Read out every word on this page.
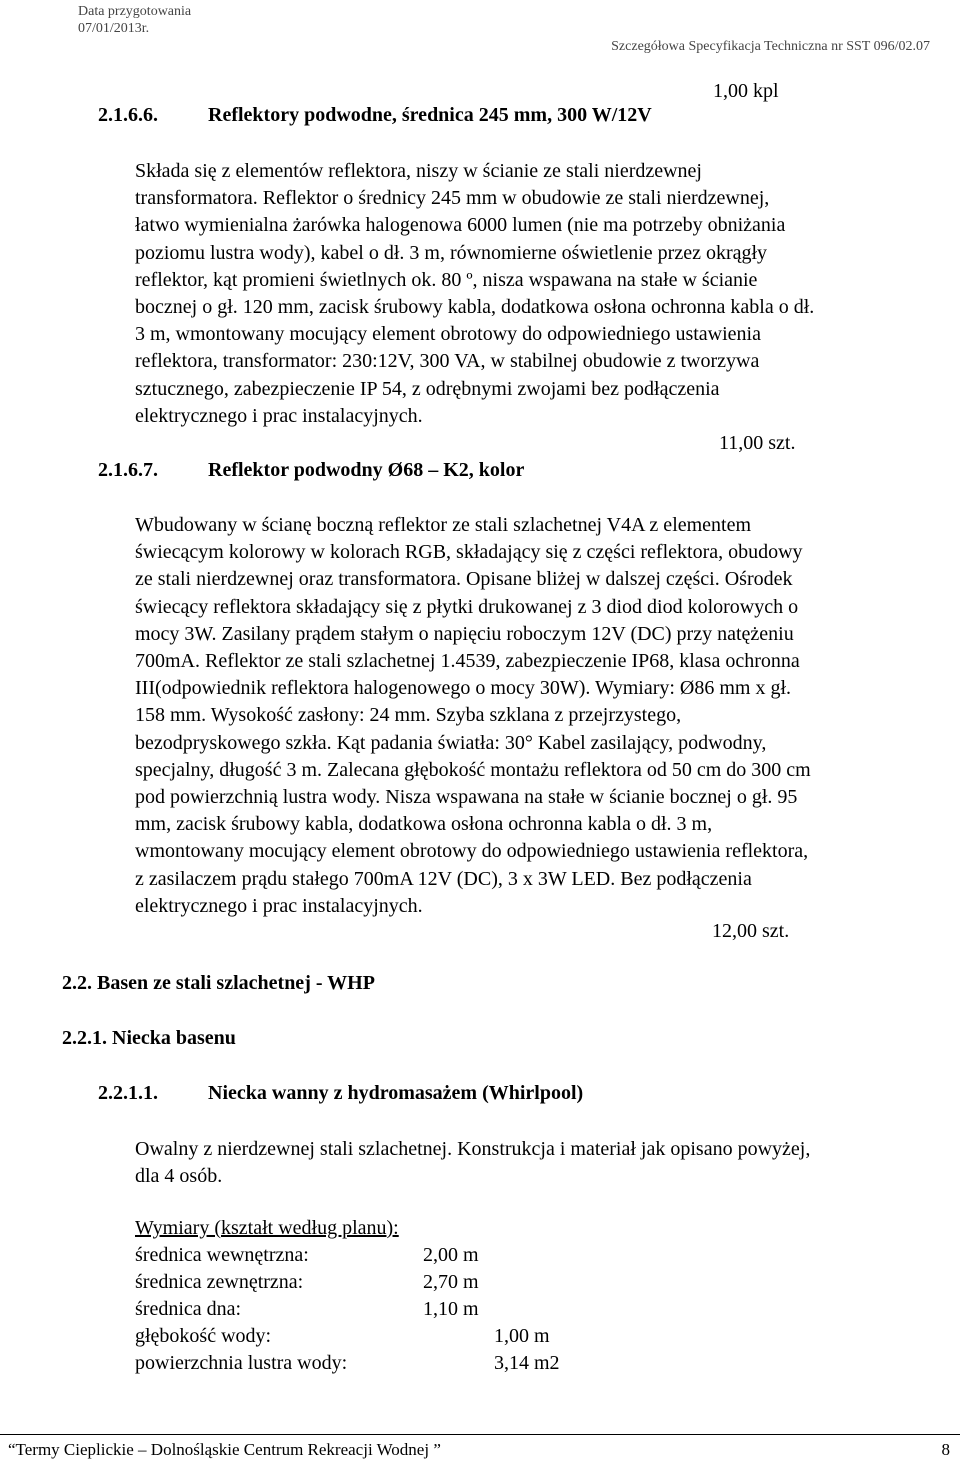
Data przygotowania
07/01/2013r.
Szczegółowa Specyfikacja Techniczna nr SST 096/02.07
1,00 kpl
2.1.6.6.	Reflektory podwodne, średnica 245 mm, 300 W/12V
Składa się z elementów reflektora, niszy w ścianie ze stali nierdzewnej
transformatora. Reflektor o średnicy 245 mm w obudowie ze stali nierdzewnej,
łatwo wymienialna żarówka halogenowa 6000 lumen (nie ma potrzeby obniżania
poziomu lustra wody), kabel o dł. 3 m, równomierne oświetlenie przez okrągły
reflektor, kąt promieni świetlnych ok. 80 º, nisza wspawana na stałe w ścianie
bocznej o gł. 120 mm, zacisk śrubowy kabla, dodatkowa osłona ochronna kabla o dł.
3 m, wmontowany mocujący element obrotowy do odpowiedniego ustawienia
reflektora, transformator: 230:12V, 300 VA, w stabilnej obudowie z tworzywa
sztucznego, zabezpieczenie IP 54, z odrębnymi zwojami bez podłączenia
elektrycznego i prac instalacyjnych.
11,00 szt.
2.1.6.7.	Reflektor podwodny Ø68 – K2, kolor
Wbudowany w ścianę boczną reflektor ze stali szlachetnej V4A z elementem
świecącym kolorowy w kolorach RGB, składający się z części reflektora, obudowy
ze stali nierdzewnej oraz transformatora. Opisane bliżej w dalszej części. Ośrodek
świecący reflektora składający się z płytki drukowanej z 3 diod diod kolorowych o
mocy 3W. Zasilany prądem stałym o napięciu roboczym 12V (DC) przy natężeniu
700mA. Reflektor ze stali szlachetnej 1.4539, zabezpieczenie IP68, klasa ochronna
III(odpowiednik reflektora halogenowego o mocy 30W). Wymiary: Ø86 mm x gł.
158 mm. Wysokość zasłony: 24 mm. Szyba szklana z przejrzystego,
bezodpryskowego szkła. Kąt padania światła: 30° Kabel zasilający, podwodny,
specjalny, długość 3 m. Zalecana głębokość montażu reflektora od 50 cm do 300 cm
pod powierzchnią lustra wody. Nisza wspawana na stałe w ścianie bocznej o gł. 95
mm, zacisk śrubowy kabla, dodatkowa osłona ochronna kabla o dł. 3 m,
wmontowany mocujący element obrotowy do odpowiedniego ustawienia reflektora,
z zasilaczem prądu stałego 700mA 12V (DC), 3 x 3W LED. Bez podłączenia
elektrycznego i prac instalacyjnych.
12,00 szt.
2.2. Basen ze stali szlachetnej - WHP
2.2.1. Niecka basenu
2.2.1.1.	Niecka wanny z hydromasażem (Whirlpool)
Owalny z nierdzewnej stali szlachetnej. Konstrukcja i materiał jak opisano powyżej,
dla 4 osób.
Wymiary (kształt według planu):
średnica wewnętrzna:	2,00 m
średnica zewnętrzna:	2,70 m
średnica dna:	1,10 m
głębokość wody:	1,00 m
powierzchnia lustra wody:	3,14 m2
“Termy Cieplickie – Dolnośląskie Centrum Rekreacji Wodnej ”	8
